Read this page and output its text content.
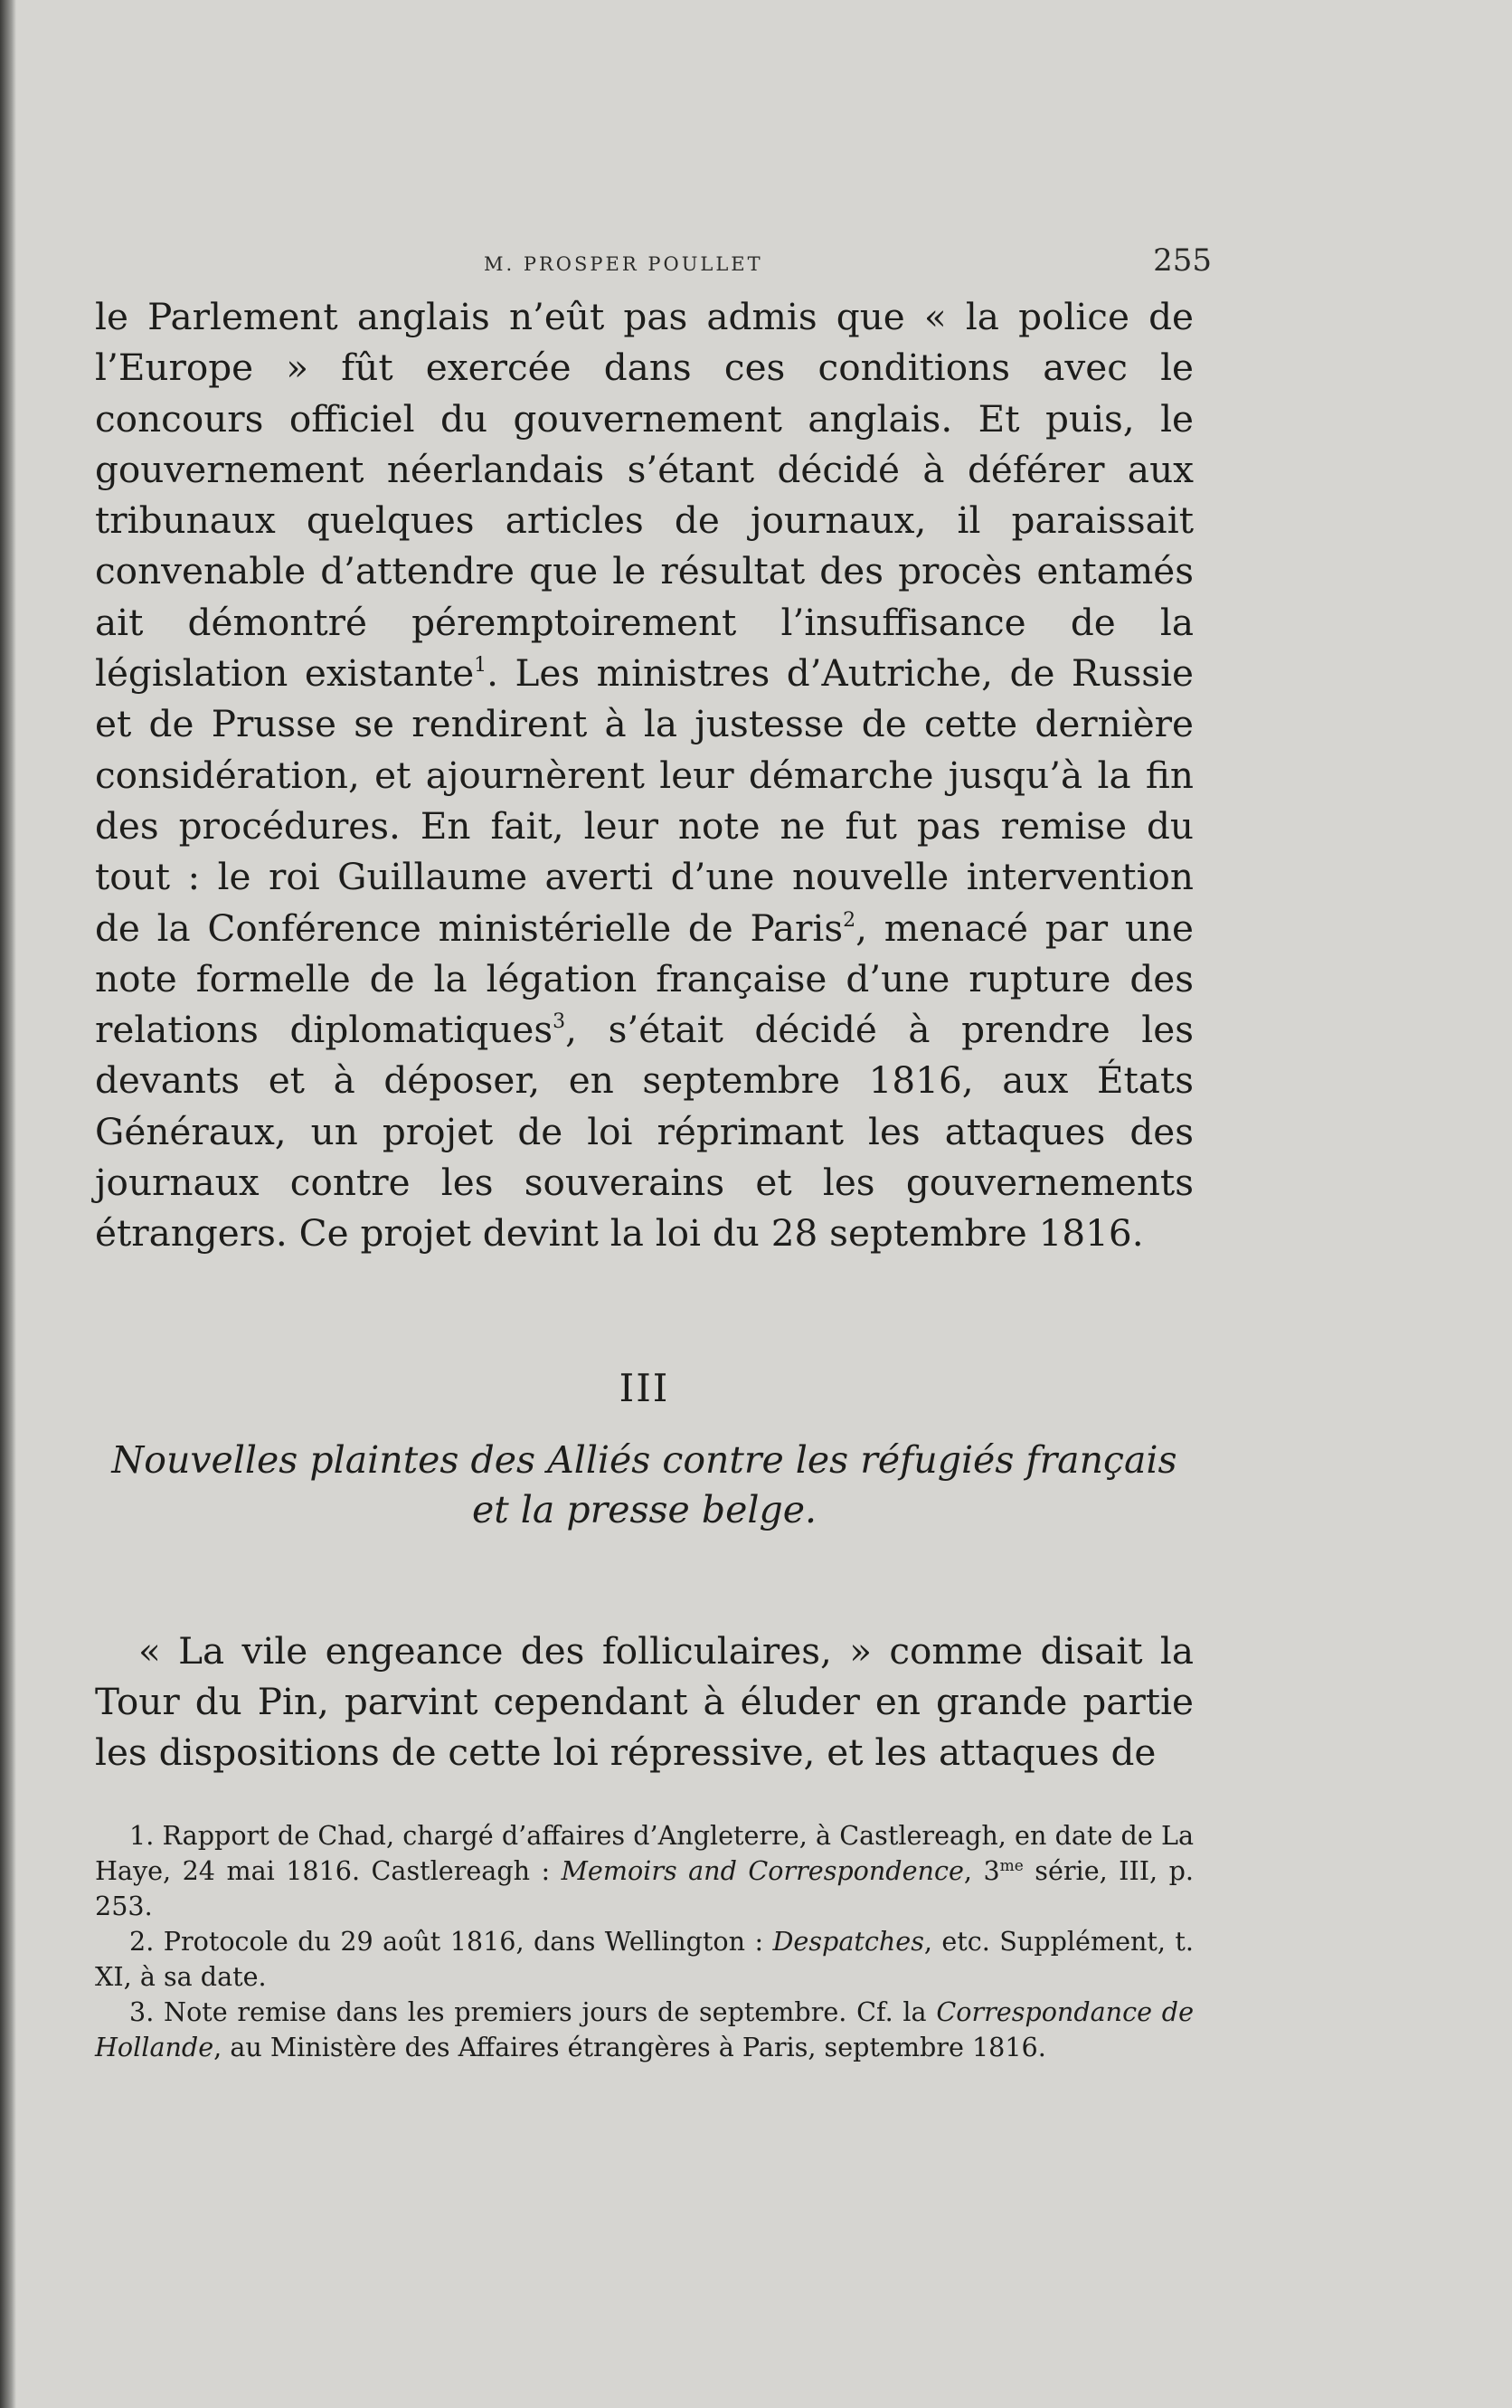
M. PROSPER POULLET	255

le Parlement anglais n’eût pas admis que « la police de l’Europe » fût exercée dans ces conditions avec le concours officiel du gouvernement anglais. Et puis, le gouvernement néerlandais s’étant décidé à déférer aux tribunaux quelques articles de journaux, il paraissait convenable d’attendre que le résultat des procès entamés ait démontré péremptoirement l’insuffisance de la législation existante$^1$. Les ministres d’Autriche, de Russie et de Prusse se rendirent à la justesse de cette dernière considération, et ajournèrent leur démarche jusqu’à la fin des procédures. En fait, leur note ne fut pas remise du tout : le roi Guillaume averti d’une nouvelle intervention de la Conférence ministérielle de Paris$^2$, menacé par une note formelle de la légation française d’une rupture des relations diplomatiques$^3$, s’était décidé à prendre les devants et à déposer, en septembre 1816, aux États Généraux, un projet de loi réprimant les attaques des journaux contre les souverains et les gouvernements étrangers. Ce projet devint la loi du 28 septembre 1816.

III
Nouvelles plaintes des Alliés contre les réfugiés français
et la presse belge.

« La vile engeance des folliculaires, » comme disait la Tour du Pin, parvint cependant à éluder en grande partie les dispositions de cette loi répressive, et les attaques de

1. Rapport de Chad, chargé d’affaires d’Angleterre, à Castlereagh, en date de La Haye, 24 mai 1816. Castlereagh : Memoirs and Correspondence, $3^{me}$ série, III, p. 253.

2. Protocole du 29 août 1816, dans Wellington : Despatches, etc. Supplément, t. XI, à sa date.

3. Note remise dans les premiers jours de septembre. Cf. la Correspondance de Hollande, au Ministère des Affaires étrangères à Paris, septembre 1816.
